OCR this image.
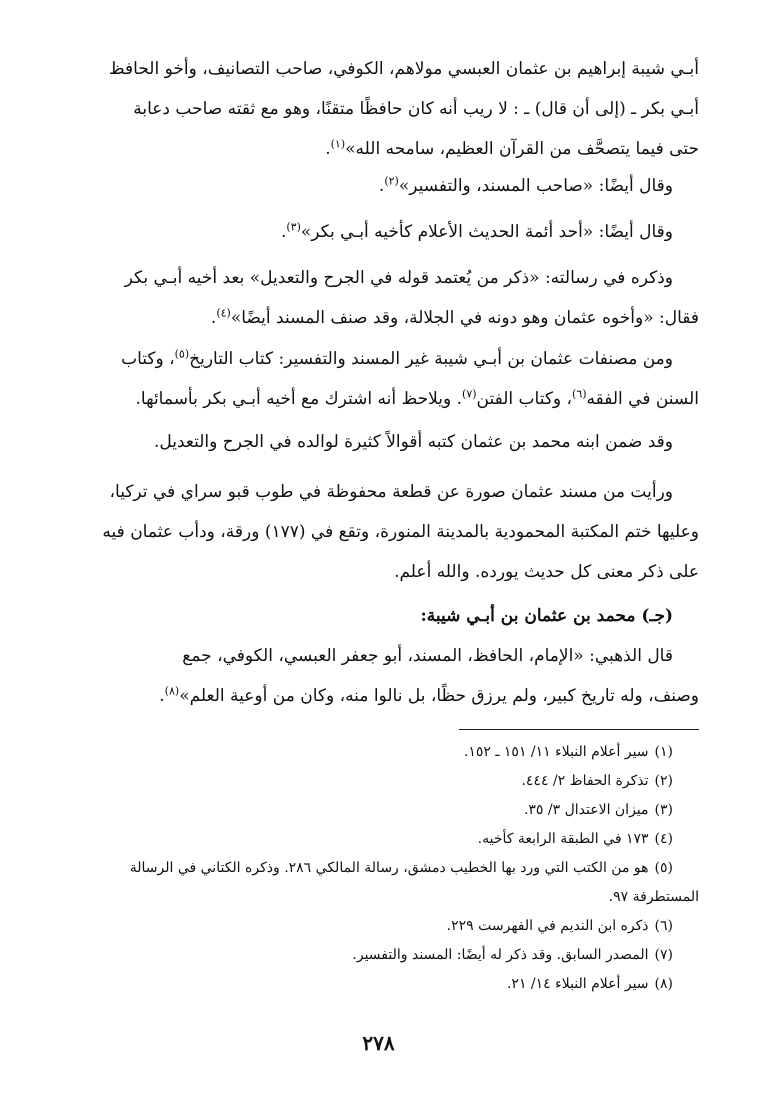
أبـي شيبة إبراهيم بن عثمان العبسي مولاهم، الكوفي، صاحب التصانيف، وأخو الحافظ
أبـي بكر ـ (إلى أن قال) ـ : لا ريب أنه كان حافظًا متقنًا، وهو مع ثقته صاحب دعابة
حتى فيما يتصحَّف من القرآن العظيم، سامحه الله»$^{(١)}$.

وقال أيضًا: «صاحب المسند، والتفسير»$^{(٢)}$.

وقال أيضًا: «أحد أئمة الحديث الأعلام كأخيه أبـي بكر»$^{(٣)}$.

وذكره في رسالته: «ذكر من يُعتمد قوله في الجرح والتعديل» بعد أخيه أبـي بكر
فقال: «وأخوه عثمان وهو دونه في الجلالة، وقد صنف المسند أيضًا»$^{(٤)}$.

ومن مصنفات عثمان بن أبـي شيبة غير المسند والتفسير: كتاب التاريخ$^{(٥)}$، وكتاب
السنن في الفقه$^{(٦)}$، وكتاب الفتن$^{(٧)}$. ويلاحظ أنه اشترك مع أخيه أبـي بكر بأسمائها.

وقد ضمن ابنه محمد بن عثمان كتبه أقوالاً كثيرة لوالده في الجرح والتعديل.

ورأيت من مسند عثمان صورة عن قطعة محفوظة في طوب قبو سراي في تركيا،
وعليها ختم المكتبة المحمودية بالمدينة المنورة، وتقع في (١٧٧) ورقة، ودأب عثمان فيه
على ذكر معنى كل حديث يورده. والله أعلم.

(جـ) محمد بن عثمان بن أبـي شيبة:

قال الذهبي: «الإمام، الحافظ، المسند، أبو جعفر العبسي، الكوفي، جمع
وصنف، وله تاريخ كبير، ولم يرزق حظًا، بل نالوا منه، وكان من أوعية العلم»$^{(٨)}$.

(١)سير أعلام النبلاء ١١/ ١٥١ ـ ١٥٢.
(٢)تذكرة الحفاظ ٢/ ٤٤٤.
(٣)ميزان الاعتدال ٣/ ٣٥.
(٤)١٧٣ في الطبقة الرابعة كأخيه.
(٥)هو من الكتب التي ورد بها الخطيب دمشق، رسالة المالكي ٢٨٦. وذكره الكتاني في الرسالة
المستطرفة ٩٧.
(٦)ذكره ابن النديم في الفهرست ٢٢٩.
(٧)المصدر السابق. وقد ذكر له أيضًا: المسند والتفسير.
(٨)سير أعلام النبلاء ١٤/ ٢١.
٢٧٨
